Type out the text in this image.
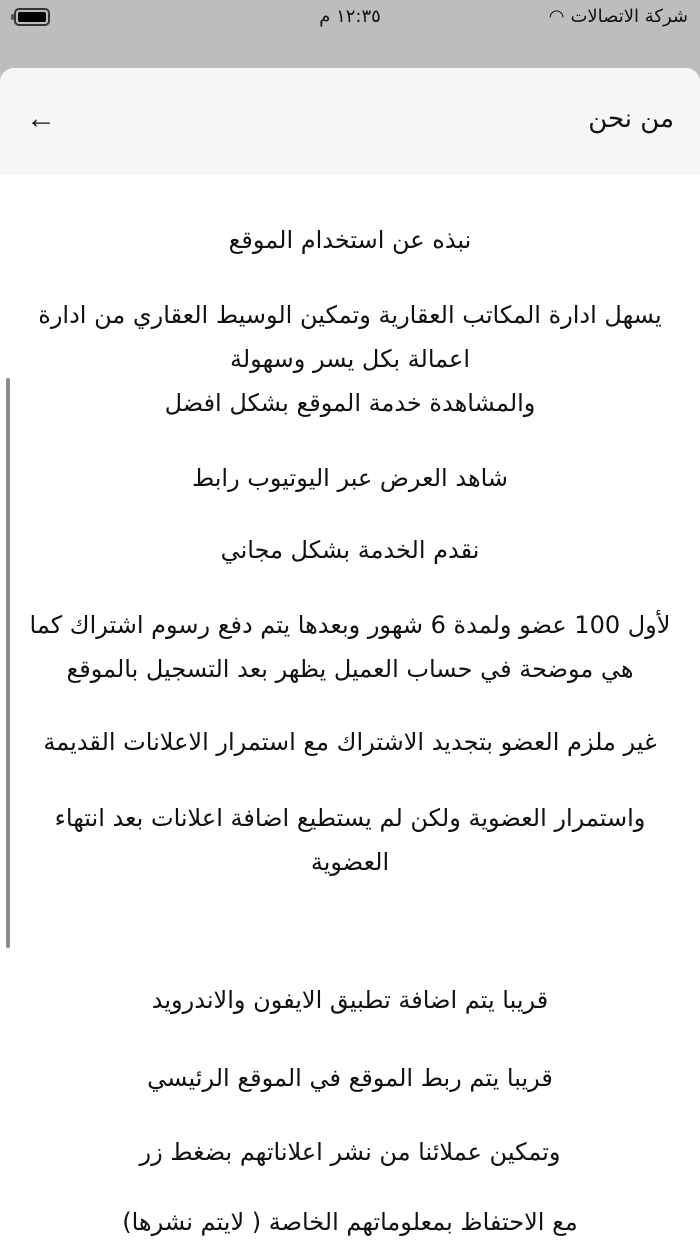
شركة الاتصالات
◠
١٢:٣٥ م
من نحن
←
نبذه عن استخدام الموقع
يسهل ادارة المكاتب العقارية وتمكين الوسيط العقاري من ادارة اعمالة بكل يسر وسهولة
والمشاهدة خدمة الموقع بشكل افضل
شاهد العرض عبر اليوتيوب رابط
نقدم الخدمة بشكل مجاني
لأول 100 عضو ولمدة 6 شهور وبعدها يتم دفع رسوم اشتراك كما هي موضحة في حساب العميل يظهر بعد التسجيل بالموقع
غير ملزم العضو بتجديد الاشتراك مع استمرار الاعلانات القديمة
واستمرار العضوية ولكن لم يستطيع اضافة اعلانات بعد انتهاء العضوية
قريبا يتم اضافة تطبيق الايفون والاندرويد
قريبا يتم ربط الموقع في الموقع الرئيسي
وتمكين عملائنا من نشر اعلاناتهم بضغط زر
مع الاحتفاظ بمعلوماتهم الخاصة ( لايتم نشرها)
